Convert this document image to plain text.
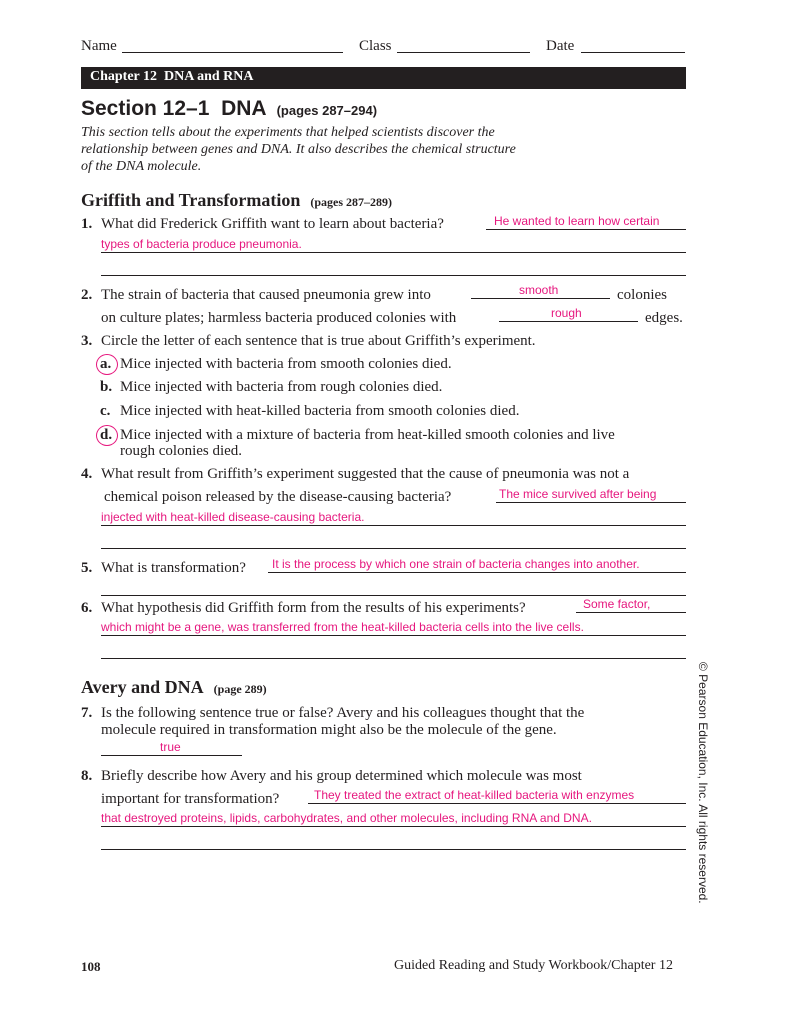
Name	Class	Date
Chapter 12  DNA and RNA
Section 12–1  DNA (pages 287–294)
This section tells about the experiments that helped scientists discover the
relationship between genes and DNA. It also describes the chemical structure
of the DNA molecule.
Griffith and Transformation (pages 287–289)
1. What did Frederick Griffith want to learn about bacteria?	He wanted to learn how certain
types of bacteria produce pneumonia.
2. The strain of bacteria that caused pneumonia grew into	smooth	colonies
on culture plates; harmless bacteria produced colonies with	rough	edges.
3. Circle the letter of each sentence that is true about Griffith’s experiment.
a. Mice injected with bacteria from smooth colonies died.
b. Mice injected with bacteria from rough colonies died.
c. Mice injected with heat-killed bacteria from smooth colonies died.
d. Mice injected with a mixture of bacteria from heat-killed smooth colonies and live
rough colonies died.
4. What result from Griffith’s experiment suggested that the cause of pneumonia was not a
chemical poison released by the disease-causing bacteria?	The mice survived after being
injected with heat-killed disease-causing bacteria.
5. What is transformation? It is the process by which one strain of bacteria changes into another.
6. What hypothesis did Griffith form from the results of his experiments?	Some factor,
which might be a gene, was transferred from the heat-killed bacteria cells into the live cells.
Avery and DNA (page 289)
7. Is the following sentence true or false? Avery and his colleagues thought that the
molecule required in transformation might also be the molecule of the gene.
true
8. Briefly describe how Avery and his group determined which molecule was most
important for transformation?	They treated the extract of heat-killed bacteria with enzymes
that destroyed proteins, lipids, carbohydrates, and other molecules, including RNA and DNA.	© Pearson Education, Inc. All rights reserved.
108	Guided Reading and Study Workbook/Chapter 12
